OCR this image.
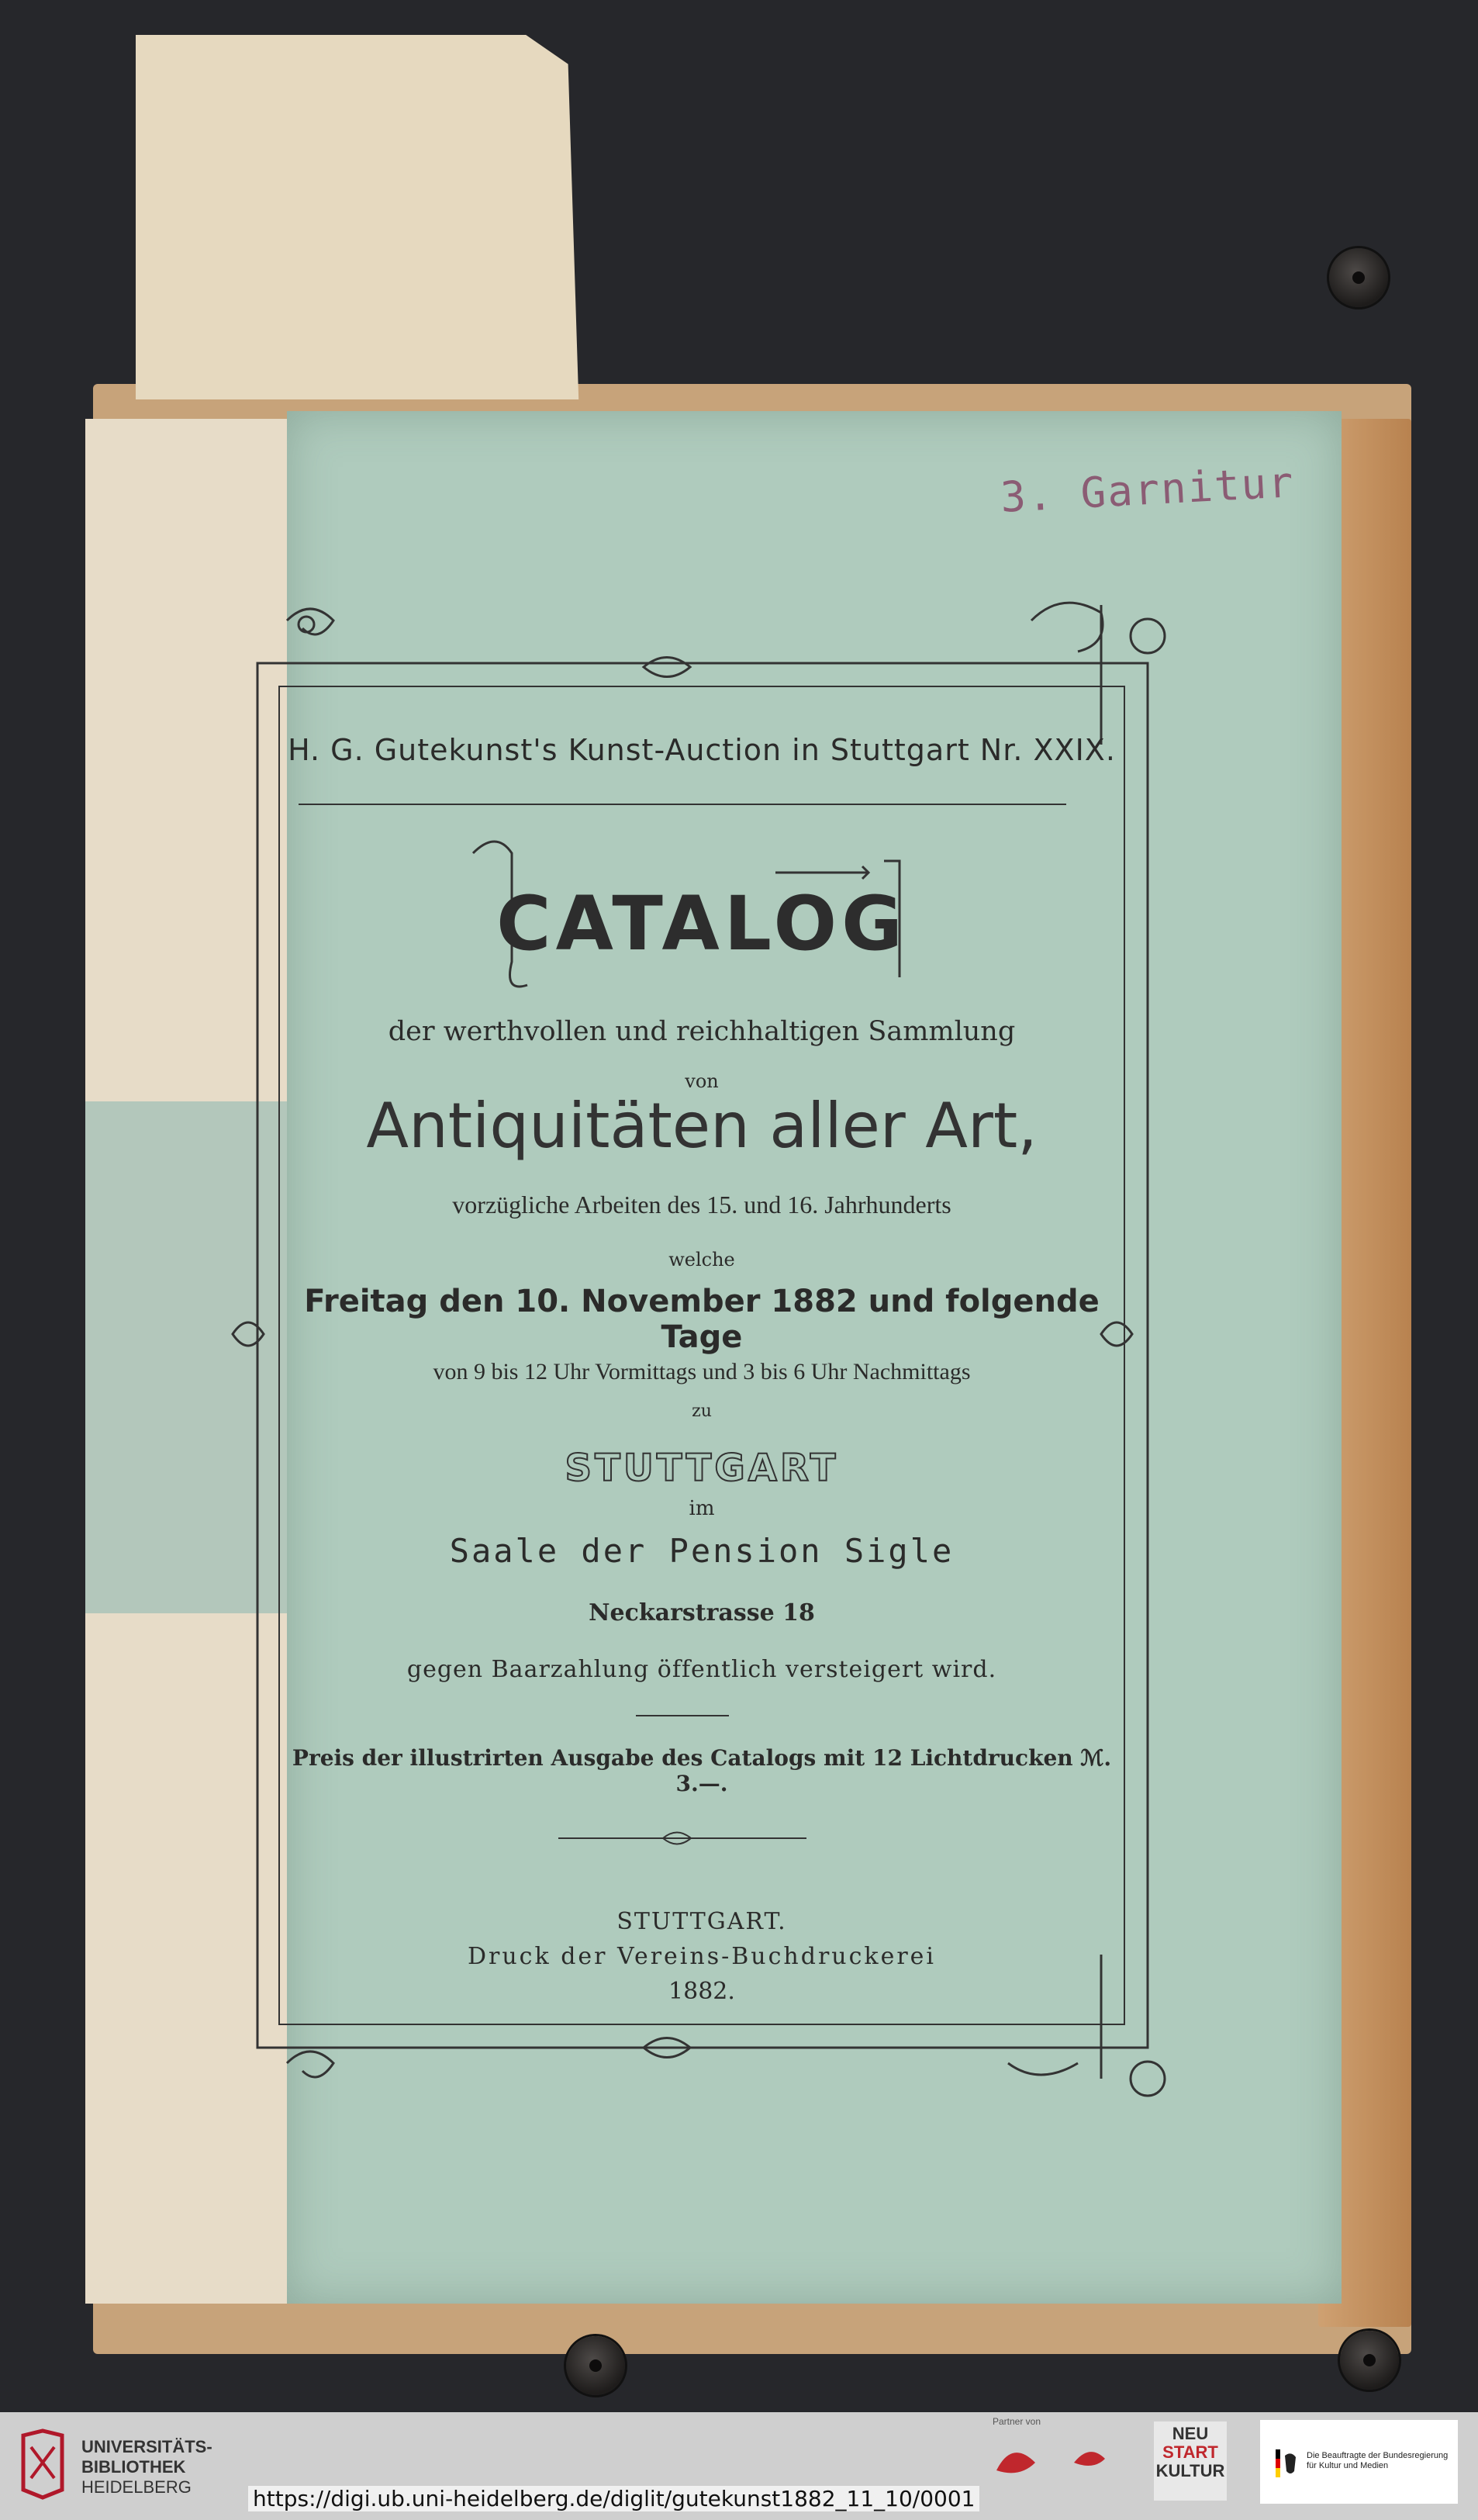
3. Garnitur
H. G. Gutekunst's Kunst-Auction in Stuttgart Nr. XXIX.
CATALOG
der werthvollen und reichhaltigen Sammlung
von
Antiquitäten aller Art,
vorzügliche Arbeiten des 15. und 16. Jahrhunderts
welche
Freitag den 10. November 1882 und folgende Tage
von 9 bis 12 Uhr Vormittags und 3 bis 6 Uhr Nachmittags
zu
STUTTGART
im
Saale der Pension Sigle
Neckarstrasse 18
gegen Baarzahlung öffentlich versteigert wird.
Preis der illustrirten Ausgabe des Catalogs mit 12 Lichtdrucken ℳ. 3.—.
STUTTGART.
Druck der Vereins-Buchdruckerei
1882.
UNIVERSITÄTS-
BIBLIOTHEK
HEIDELBERG
Partner von
NEU
START
KULTUR
Die Beauftragte der Bundesregierung für Kultur und Medien
https://digi.ub.uni-heidelberg.de/diglit/gutekunst1882_11_10/0001
